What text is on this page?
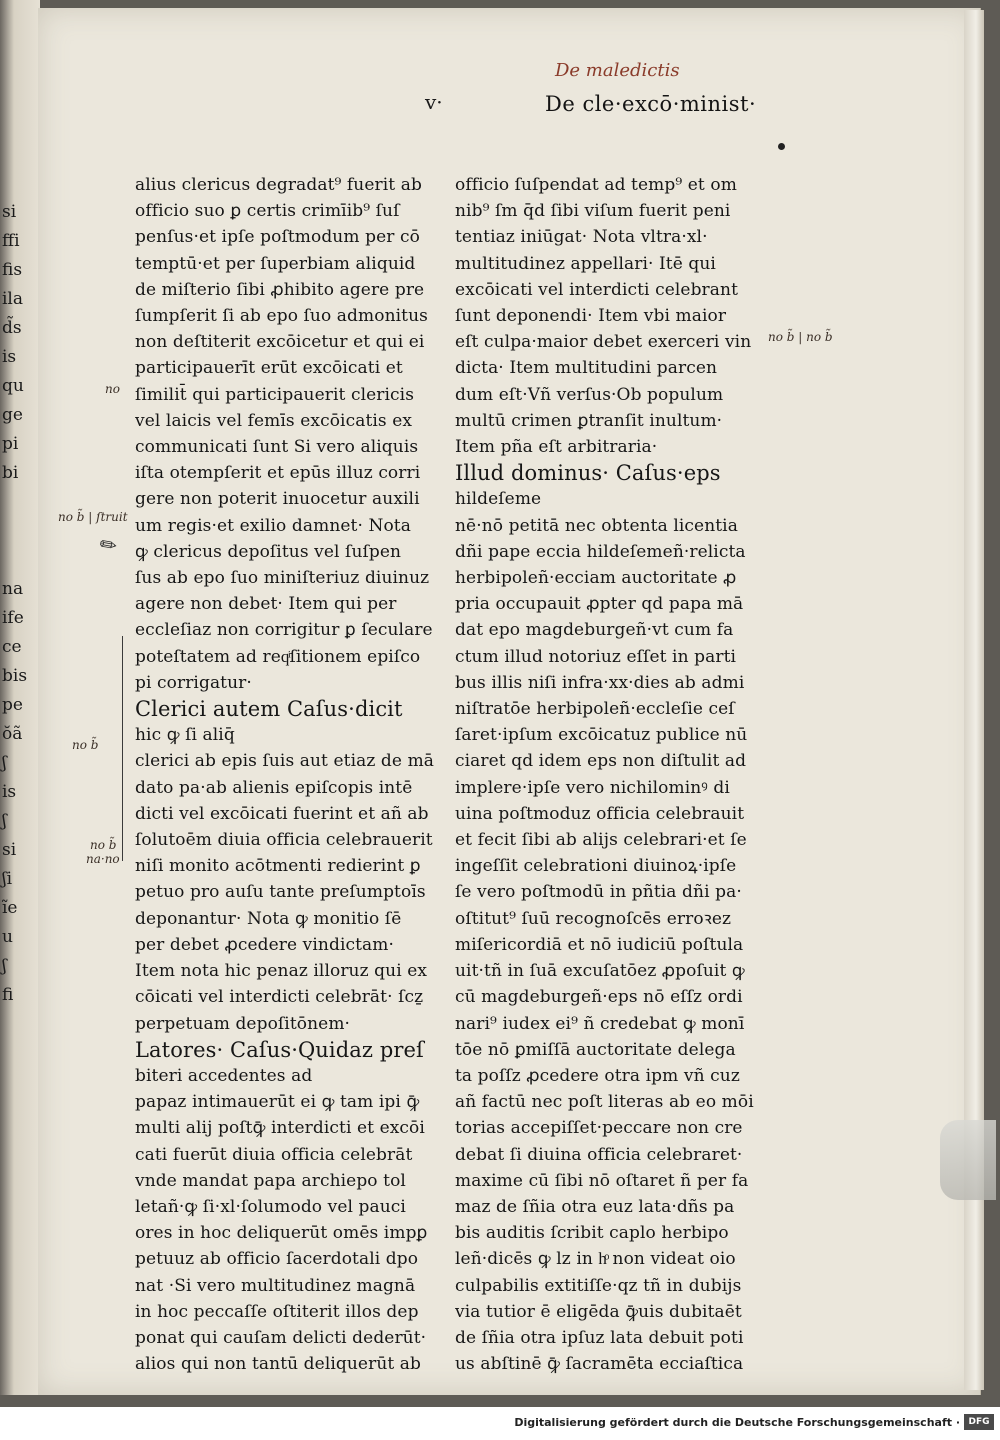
si
ffi
fis
ila
d̃s
is
qu
ge
pi
bi
na
ife
ce
bis
pe
ŏã
ʃ
is
ʃ
si
ʃi
ı̃e
u
ʃ
fi
De maledictis
v·	De cle·excō·minist·
alius clericus degradat⁹ fuerit ab
officio suo ꝑ certis crimīib⁹ ſuſ
penſus·et ipſe poſtmodum per cō
temptū·et per ſuperbiam aliquid
de miſterio ſibi ꝓhibito agere pre
ſumpſerit ſi ab epo ſuo admonitus
non deſtiterit excōicetur et qui ei
participauerīt erūt excōicati et
ſimilit̄ qui participauerit clericis
vel laicis vel femīs excōicatis ex
communicati ſunt Si vero aliquis
iſta otempſerit et epūs illuz corri
gere non poterit inuocetur auxili
um regis·et exilio damnet· Nota
ꝙ clericus depoſitus vel ſuſpen
ſus ab epo ſuo miniſteriuz diuinuz
agere non debet· Item qui per
eccleſiaz non corrigitur ꝑ ſeculare
poteſtatem ad reqͥſitionem epiſco
pi corrigatur·
Clerici autem Caſus·dicit
hic ꝙ ſi aliq̄
clerici ab epis ſuis aut etiaz de mā
dato pa·ab alienis epiſcopis intē
dicti vel excōicati fuerint et añ ab
ſolutoēm diuia officia celebrauerit
niſi monito acōtmenti redierint ꝑ
petuo pro auſu tante preſumptoīs
deponantur· Nota ꝙ monitio ſē
per debet ꝓcedere vindictam·
Item nota hic penaz illoruz qui ex
cōicati vel interdicti celebrāt· ſcẕ
perpetuam depoſitōnem·
Latores· Caſus·Quidaz preſ
biteri accedentes ad
papaz intimauerūt ei ꝙ tam ipi ꝙ̄
multi alij poſtꝙ̄ interdicti et excōi
cati fuerūt diuia officia celebrāt
vnde mandat papa archiepo tol
letañ·ꝙ ſi·xl·ſolumodo vel pauci
ores in hoc deliquerūt omēs impꝑ
petuuz ab officio ſacerdotali dpo
nat ·Si vero multitudinez magnā
in hoc peccaſſe oſtiterit illos dep
ponat qui cauſam delicti dederūt·
alios qui non tantū deliquerūt ab
officio ſuſpendat ad temp⁹ et om
nib⁹ ſm q̄d ſibi viſum fuerit peni
tentiaz iniūgat· Nota vltra·xl·
multitudinez appellari· Itē qui
excōicati vel interdicti celebrant
ſunt deponendi· Item vbi maior
eſt culpa·maior debet exerceri vin
dicta· Item multitudini parcen
dum eſt·Vñ verſus·Ob populum
multū crimen ꝑtranſit inultum·
Item pña eſt arbitraria·
Illud dominus· Caſus·eps
hildeſeme
nē·nō petitā nec obtenta licentia
dñi pape eccia hildeſemeñ·relicta
herbipoleñ·ecciam auctoritate ꝓ
pria occupauit ꝓpter qd papa mā
dat epo magdeburgeñ·vt cum fa
ctum illud notoriuz eſſet in parti
bus illis niſi infra·xx·dies ab admi
niſtratōe herbipoleñ·eccleſie ceſ
ſaret·ipſum excōicatuz publice nū
ciaret qd idem eps non diſtulit ad
implere·ipſe vero nichilominꝰ di
uina poſtmoduz officia celebrauit
et fecit ſibi ab alijs celebrari·et ſe
ingeſſit celebrationi diuinoꝝ·ipſe
ſe vero poſtmodū in pñtia dñi pa·
oſtitut⁹ ſuū recognoſcēs erroꝛez
miſericordiā et nō iudiciū poſtula
uit·tñ in ſuā excuſatōez ꝓpoſuit ꝙ
cū magdeburgeñ·eps nō eſſz ordi
nari⁹ iudex ei⁹ ñ credebat ꝙ monī
tōe nō ꝑmiſſā auctoritate delega
ta poſſz ꝓcedere otra ipm vñ cuz
añ factū nec poſt literas ab eo mōi
torias accepiſſet·peccare non cre
debat ſi diuina officia celebraret·
maxime cū ſibi nō oſtaret ñ per fa
maz de ſñia otra euz lata·dñs pa
bis auditis ſcribit caplo herbipo
leñ·dicēs ꝙ lz in hͦ non videat oio
culpabilis extitiſſe·qz tñ in dubijs
via tutior ē eligēda ꝙ̄uis dubitaēt
de ſñia otra ipſuz lata debuit poti
us abſtinē ꝙ̄ ſacramēta ecciaſtica
✎
no
no b̃ | ſtruit
no b̃
no b̃
na·no
no b̃ | no b̃
Digitalisierung gefördert durch die Deutsche Forschungsgemeinschaft · DFG
